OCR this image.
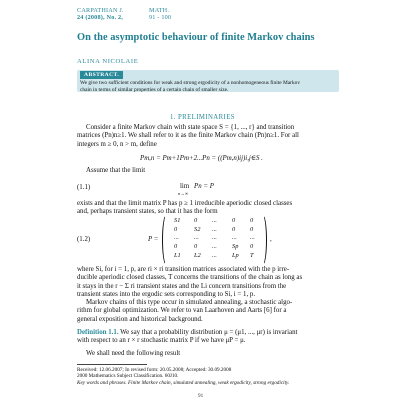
CARPATHIAN J.	MATH.
24 (2008), No. 2,	91 - 100
On the asymptotic behaviour of finite Markov chains
ALINA NICOLAIE
ABSTRACT.
We give two sufficient conditions for weak and strong ergodicity of a nonhomogeneous finite Markov
chain in terms of similar properties of a certain chain of smaller size.
1. PRELIMINARIES
Consider a finite Markov chain with state space S = {1, ..., r} and transition
matrices (Pn)n≥1. We shall refer to it as the finite Markov chain (Pn)n≥1. For all
integers m ≥ 0, n > m, define
Pm,n = Pm+1Pm+2...Pn = ((Pm,n)ij)i,j∈S .
Assume that the limit
(1.1)	lim
n→∞
Pn = P
exists and that the limit matrix P has p ≥ 1 irreducible aperiodic closed classes
and, perhaps transient states, so that it has the form
(1.2)	P =
S1 0 ... 0 0
0	S2 ... 0 0
... ... ... ... ...
0	0 ... Sp 0
L1 L2 ... Lp T
,
where Si, for i = 1, p, are ri × ri transition matrices associated with the p irre-
ducible aperiodic closed classes, T concerns the transitions of the chain as long as
it stays in the r − Σ ri transient states and the Li concern transitions from the
transient states into the ergodic sets corresponding to Si, i = 1, p.
Markov chains of this type occur in simulated annealing, a stochastic algo-
rithm for global optimization. We refer to van Laarhoven and Aarts [6] for a
general exposition and historical background.
Definition 1.1. We say that a probability distribution μ = (μ1, ..., μr) is invariant
with respect to an r × r stochastic matrix P if we have μP = μ.
We shall need the following result
Received: 12.06.2007; In revised form: 20.05.2008; Accepted: 30.09.2008
2000 Mathematics Subject Classification. 60J10.
Key words and phrases. Finite Markov chain, simulated annealing, weak ergodicity, strong ergodicity.
91
